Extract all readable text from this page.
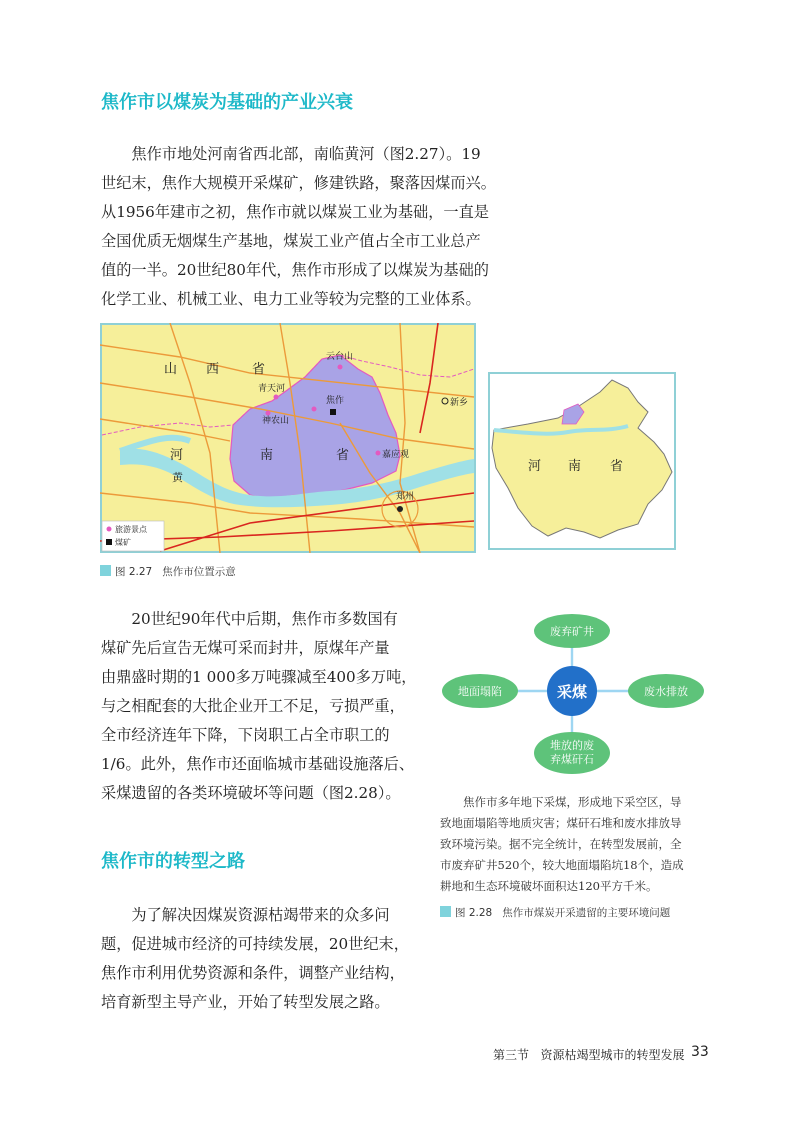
焦作市以煤炭为基础的产业兴衰
焦作市地处河南省西北部，南临黄河（图2.27）。19
世纪末，焦作大规模开采煤矿，修建铁路，聚落因煤而兴。
从1956年建市之初，焦作市就以煤炭工业为基础，一直是
全国优质无烟煤生产基地，煤炭工业产值占全市工业总产
值的一半。20世纪80年代，焦作市形成了以煤炭为基础的
化学工业、机械工业、电力工业等较为完整的工业体系。
山 西	省
云台山
青天河
神农山
焦作	新乡
河	南	省	嘉应观
郑州
黄
旅游景点
煤矿
河 南 省
图 2.27 焦作市位置示意
20世纪90年代中后期，焦作市多数国有
煤矿先后宣告无煤可采而封井，原煤年产量
由鼎盛时期的1 000多万吨骤减至400多万吨，
与之相配套的大批企业开工不足，亏损严重，
全市经济连年下降，下岗职工占全市职工的
1/6。此外，焦作市还面临城市基础设施落后、
采煤遗留的各类环境破坏等问题（图2.28）。
废弃矿井
地面塌陷	废水排放
堆放的废
弃煤矸石
采煤
焦作市多年地下采煤，形成地下采空区，导
致地面塌陷等地质灾害；煤矸石堆和废水排放导
致环境污染。据不完全统计，在转型发展前，全
市废弃矿井520个，较大地面塌陷坑18个，造成
耕地和生态环境破坏面积达120平方千米。
图 2.28 焦作市煤炭开采遗留的主要环境问题
焦作市的转型之路
为了解决因煤炭资源枯竭带来的众多问
题，促进城市经济的可持续发展，20世纪末，
焦作市利用优势资源和条件，调整产业结构，
培育新型主导产业，开始了转型发展之路。
第三节 资源枯竭型城市的转型发展 33
